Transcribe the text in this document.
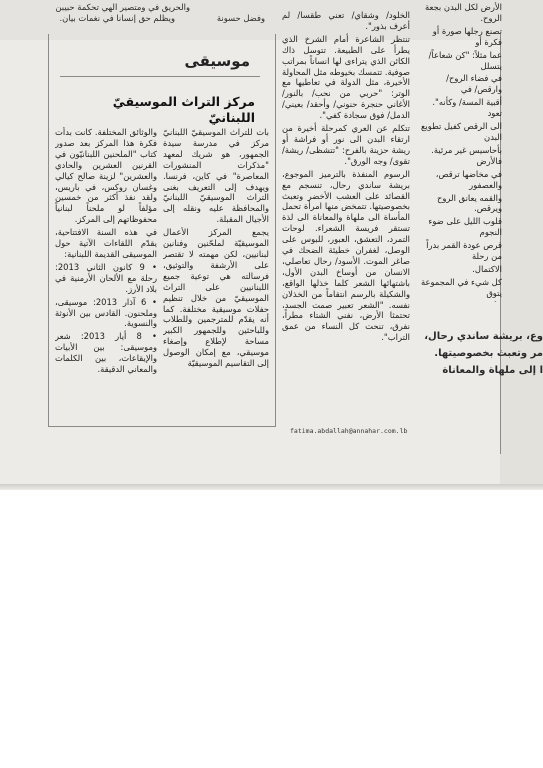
والحريق في ومتصير الهي تحكمة حبيبن
ويظلم حق إنسانا في نغمات بيان.	وفضل حسونة
موسيقى
مركز التراث الموسيقيّ اللبنانيّ

والوثائق المختلفة. كانت بدأت فكرة هذا المركز بعد صدور كتاب "الملحنين اللبنانيّون في القرنين العشرين والحادي والعشرين" لزينة صالح كيالي وغسان روكس، في باريس، ولقد نفذ أكثر من خمسين مؤلفاً لو ملحناً لبنانياً محفوظاتهم إلى المركز.

في هذه السنة الافتتاحية، يقدّم اللقاءات الآتية حول الموسيقى القديمة اللبنانية:

• 9 كانون الثاني 2013: رحلة مع الألحان الأرمنية في بلاد الأرز.

• 6 آذار 2013: موسيقى، وملحنون. القادس بين الأنوثة والنسوية.

• 8 أيار 2013: شعر وموسيقى: بين الأبيات والإيقاعات، بين الكلمات والمعاني الدقيقة.

بات للتراث الموسيقيّ اللبنانيّ مركز في مدرسة سيدة الجمهور، هو شريك لمعهد "مذكرات المنشورات المعاصرة" في كاين، فرنسا. ويهدف إلى التعريف بغنى التراث الموسيقيّ اللبنانيّ والمحافظة عليه ونقله إلى الأجيال المقبلة.

يجمع المركز الأعمال الموسيقيّة لملحّنين وفنانين لبنانيين، لكن مهمته لا تقتصر على الأرشفة والتوثيق، فرسالته هي توعية جميع اللبنانيين على التراث الموسيقيّ من خلال تنظيم حفلات موسيقية مختلفة. كما أنه يقدّم للمترجمين وللطلاب وللباحثين وللجمهور الكبير مساحة لإطلاع وإصغاء موسيقي، مع إمكان الوصول إلى التقاسيم الموسيقيّة

الخلود/ وشقاي/ تعني طقسا/ لم أعرف بذور".

تنتظر الشاعرة أمام الشرخ الذي يطرأ على الطبيعة. تتوسل ذاك الكائن الذي يتراءى لها انساناً بمراتب صوفية. تتمسك بخيوطه مثل المحاولة الأخيرة، مثل الدولة في تعاطيها مع الوتر: "حربي من نحب/ بالنور/ الأغاني حنجرة حنوني/ وأحقد/ بعيني/ الدمل/ فوق سجادة كفي".

تتكلم عن العري كمرحلة أخيرة من ارتقاء البدن الى نور أو فراشة أو ريشة حزينة بالفرح: "تتشظى/ ريشة/ تقوى/ وجه الورق".

الرسوم المنفذة بالترميز الموجوع، بريشة ساندي رحال، تنسجم مع القصائد على العشب الأخضر وتعبث بخصوصيتها. تتمخض منها امرأة تحمل المأساة الى ملهاة والمعاناة الى لذة تستقر فريسة الشعراء. لوحات التمرد، التعشق، العبور، للبوس على الوصل، لغفران خطيئة الضحك في صاغر الموت. الأسود/ رحال تعاصلي، الانسان من أوساخ البدن الأول، باشتهائها الشعر كلما خذلها الواقع، والشكيلة بالرسم انتقاماً من الخذلان نفسه. "الشعر تعبير صمت الجسد، تحتمثا الأرض، نفني الشتاء مطراً، نفرق، تنحت كل النساء من عمق التراب".

fatima.abdallah@annahar.com.lb

الأرض لكل البدن بجعة الروح.

تصنع رجلها صورة أو فكرة أو

عما مثلاً: "كن شعاعاً/ يتسلل

في فضاء الروح/ وارقص/ في

أقبية المسة/ وكأنه". تعود

الى الرقص كفيل تطويع البدن

بأحاسيس غير مرئية. فالأرض

في مخاضها ترقص، والعصفور

والقمه يعانق الروح ويرقص.

قلوب الليل على ضوء النجوم

قرص عودة القمر بدراً من رحلة

الاكتمال.

كل شيء في المجموعة يتوق

وع، بريشة ساندي رحال،
مر وتعبث بخصوصيتها.
ا إلى ملهاة والمعاناة
